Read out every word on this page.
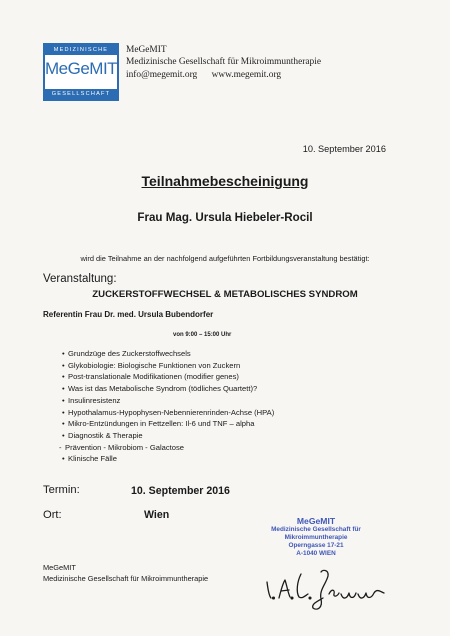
MEDIZINISCHE
MeGeMIT
GESELLSCHAFT
MeGeMIT
Medizinische Gesellschaft für Mikroimmuntherapie
info@megemit.org www.megemit.org
10. September 2016
Teilnahmebescheinigung
Frau Mag. Ursula Hiebeler-Rocil
wird die Teilnahme an der nachfolgend aufgeführten Fortbildungsveranstaltung bestätigt:
Veranstaltung:
ZUCKERSTOFFWECHSEL & METABOLISCHES SYNDROM
Referentin Frau Dr. med. Ursula Bubendorfer
von 9:00 – 15:00 Uhr
• Grundzüge des Zuckerstoffwechsels
• Glykobiologie: Biologische Funktionen von Zuckern
• Post-translationale Modifikationen (modifier genes)
• Was ist das Metabolische Syndrom (tödliches Quartett)?
• Insulinresistenz
• Hypothalamus-Hypophysen-Nebennierenrinden-Achse (HPA)
• Mikro-Entzündungen in Fettzellen: Il-6 und TNF – alpha
• Diagnostik & Therapie
- Prävention - Mikrobiom - Galactose
• Klinische Fälle
Termin:	10. September 2016
Ort:	Wien	MeGeMIT
Medizinische Gesellschaft für
Mikroimmuntherapie
Operngasse 17-21
A-1040 WIEN
MeGeMIT
Medizinische Gesellschaft für Mikroimmuntherapie
